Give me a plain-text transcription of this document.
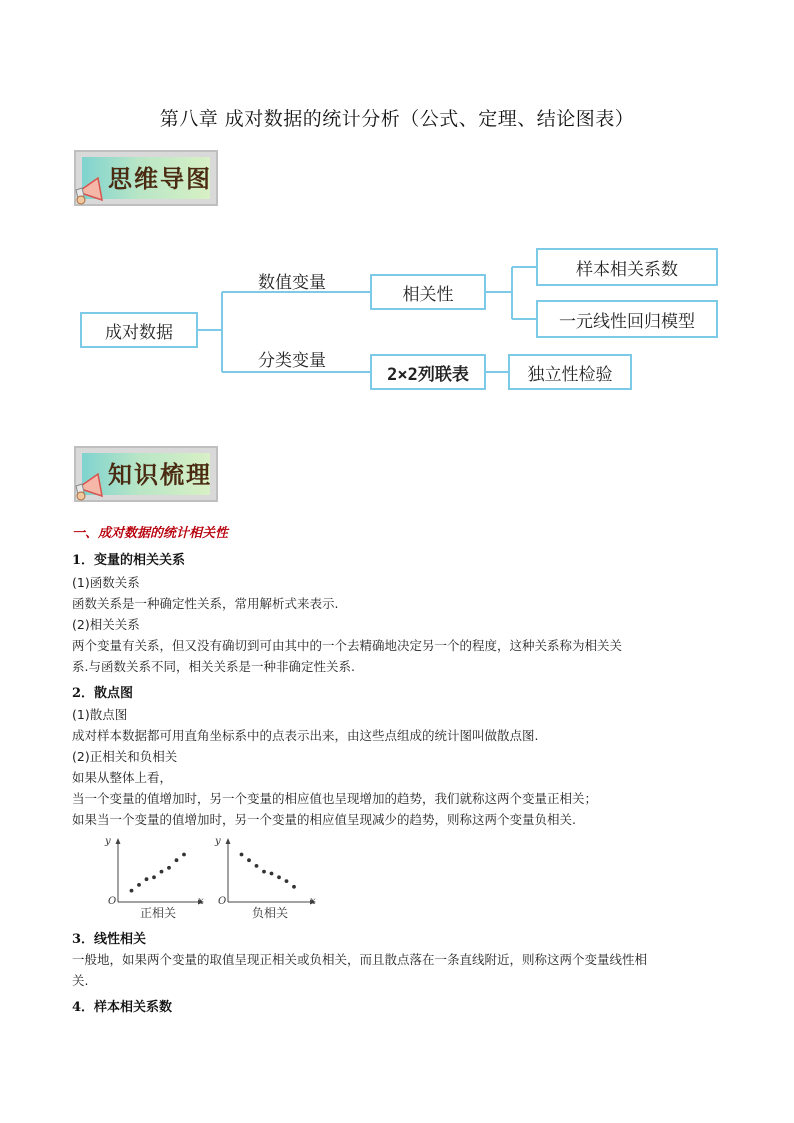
第八章 成对数据的统计分析（公式、定理、结论图表）
思维导图
成对数据
数值变量
分类变量
相关性
样本相关系数
一元线性回归模型
2×2列联表	独立性检验
知识梳理
一、成对数据的统计相关性
1．变量的相关关系
(1)函数关系
函数关系是一种确定性关系，常用解析式来表示.
(2)相关关系
两个变量有关系，但又没有确切到可由其中的一个去精确地决定另一个的程度，这种关系称为相关关
系.与函数关系不同，相关关系是一种非确定性关系.
2．散点图
(1)散点图
成对样本数据都可用直角坐标系中的点表示出来，由这些点组成的统计图叫做散点图.
(2)正相关和负相关
如果从整体上看，
当一个变量的值增加时，另一个变量的相应值也呈现增加的趋势，我们就称这两个变量正相关；
如果当一个变量的值增加时，另一个变量的相应值呈现减少的趋势，则称这两个变量负相关.
y
O	x
正相关
y
O	x
负相关
3．线性相关
一般地，如果两个变量的取值呈现正相关或负相关，而且散点落在一条直线附近，则称这两个变量线性相
关.
4．样本相关系数
